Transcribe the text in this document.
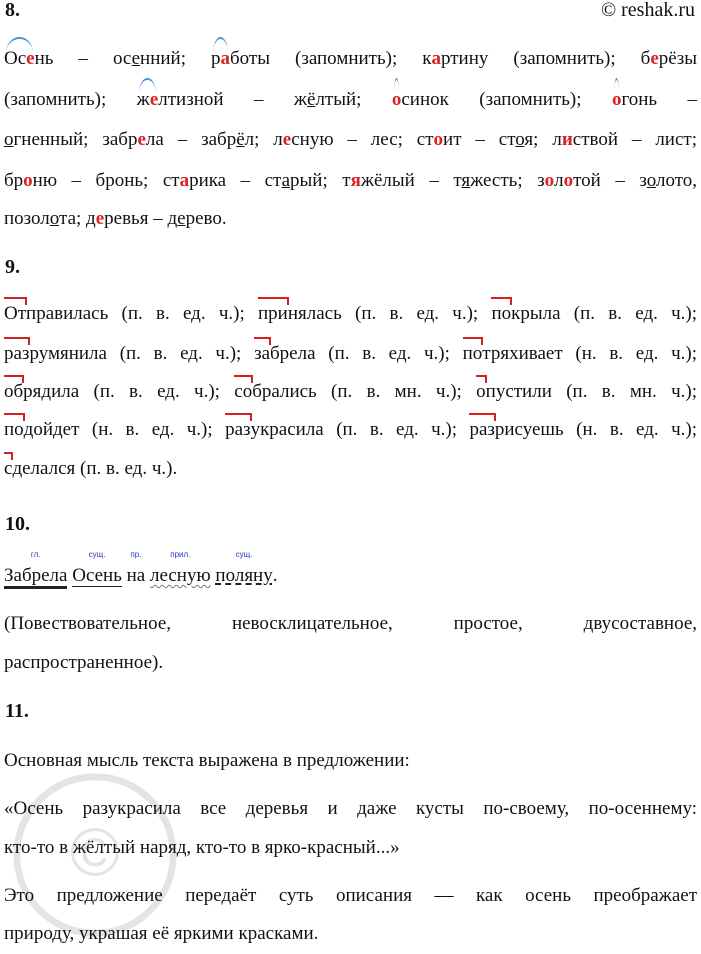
©
8.	© reshak.ru
Осень – осенний; работы (запомнить); картину (запомнить); берёзы
(запомнить); желтизной – жёлтый; осинок (запомнить); огонь –
огненный; забрела – забрёл; лесную – лес; стоит – стоя; листвой – лист;
броню – бронь; старика – старый; тяжёлый – тяжесть; золотой – золото,
позолота; деревья – дерево.
9.
Отправилась (п. в. ед. ч.); принялась (п. в. ед. ч.); покрыла (п. в. ед. ч.);
разрумянила (п. в. ед. ч.); забрела (п. в. ед. ч.); потряхивает (н. в. ед. ч.);
обрядила (п. в. ед. ч.); собрались (п. в. мн. ч.); опустили (п. в. мн. ч.);
подойдет (н. в. ед. ч.); разукрасила (п. в. ед. ч.); разрисуешь (н. в. ед. ч.);
сделался (п. в. ед. ч.).
10.
гл.
Забрела
сущ.
Осень
пр.
на
прил.
лесную
сущ.
поляну.
(Повествовательное, невосклицательное, простое, двусоставное,
распространенное).
11.
Основная мысль текста выражена в предложении:
«Осень разукрасила все деревья и даже кусты по-своему, по-осеннему:
кто-то в жёлтый наряд, кто-то в ярко-красный...»
Это предложение передаёт суть описания — как осень преображает
природу, украшая её яркими красками.
